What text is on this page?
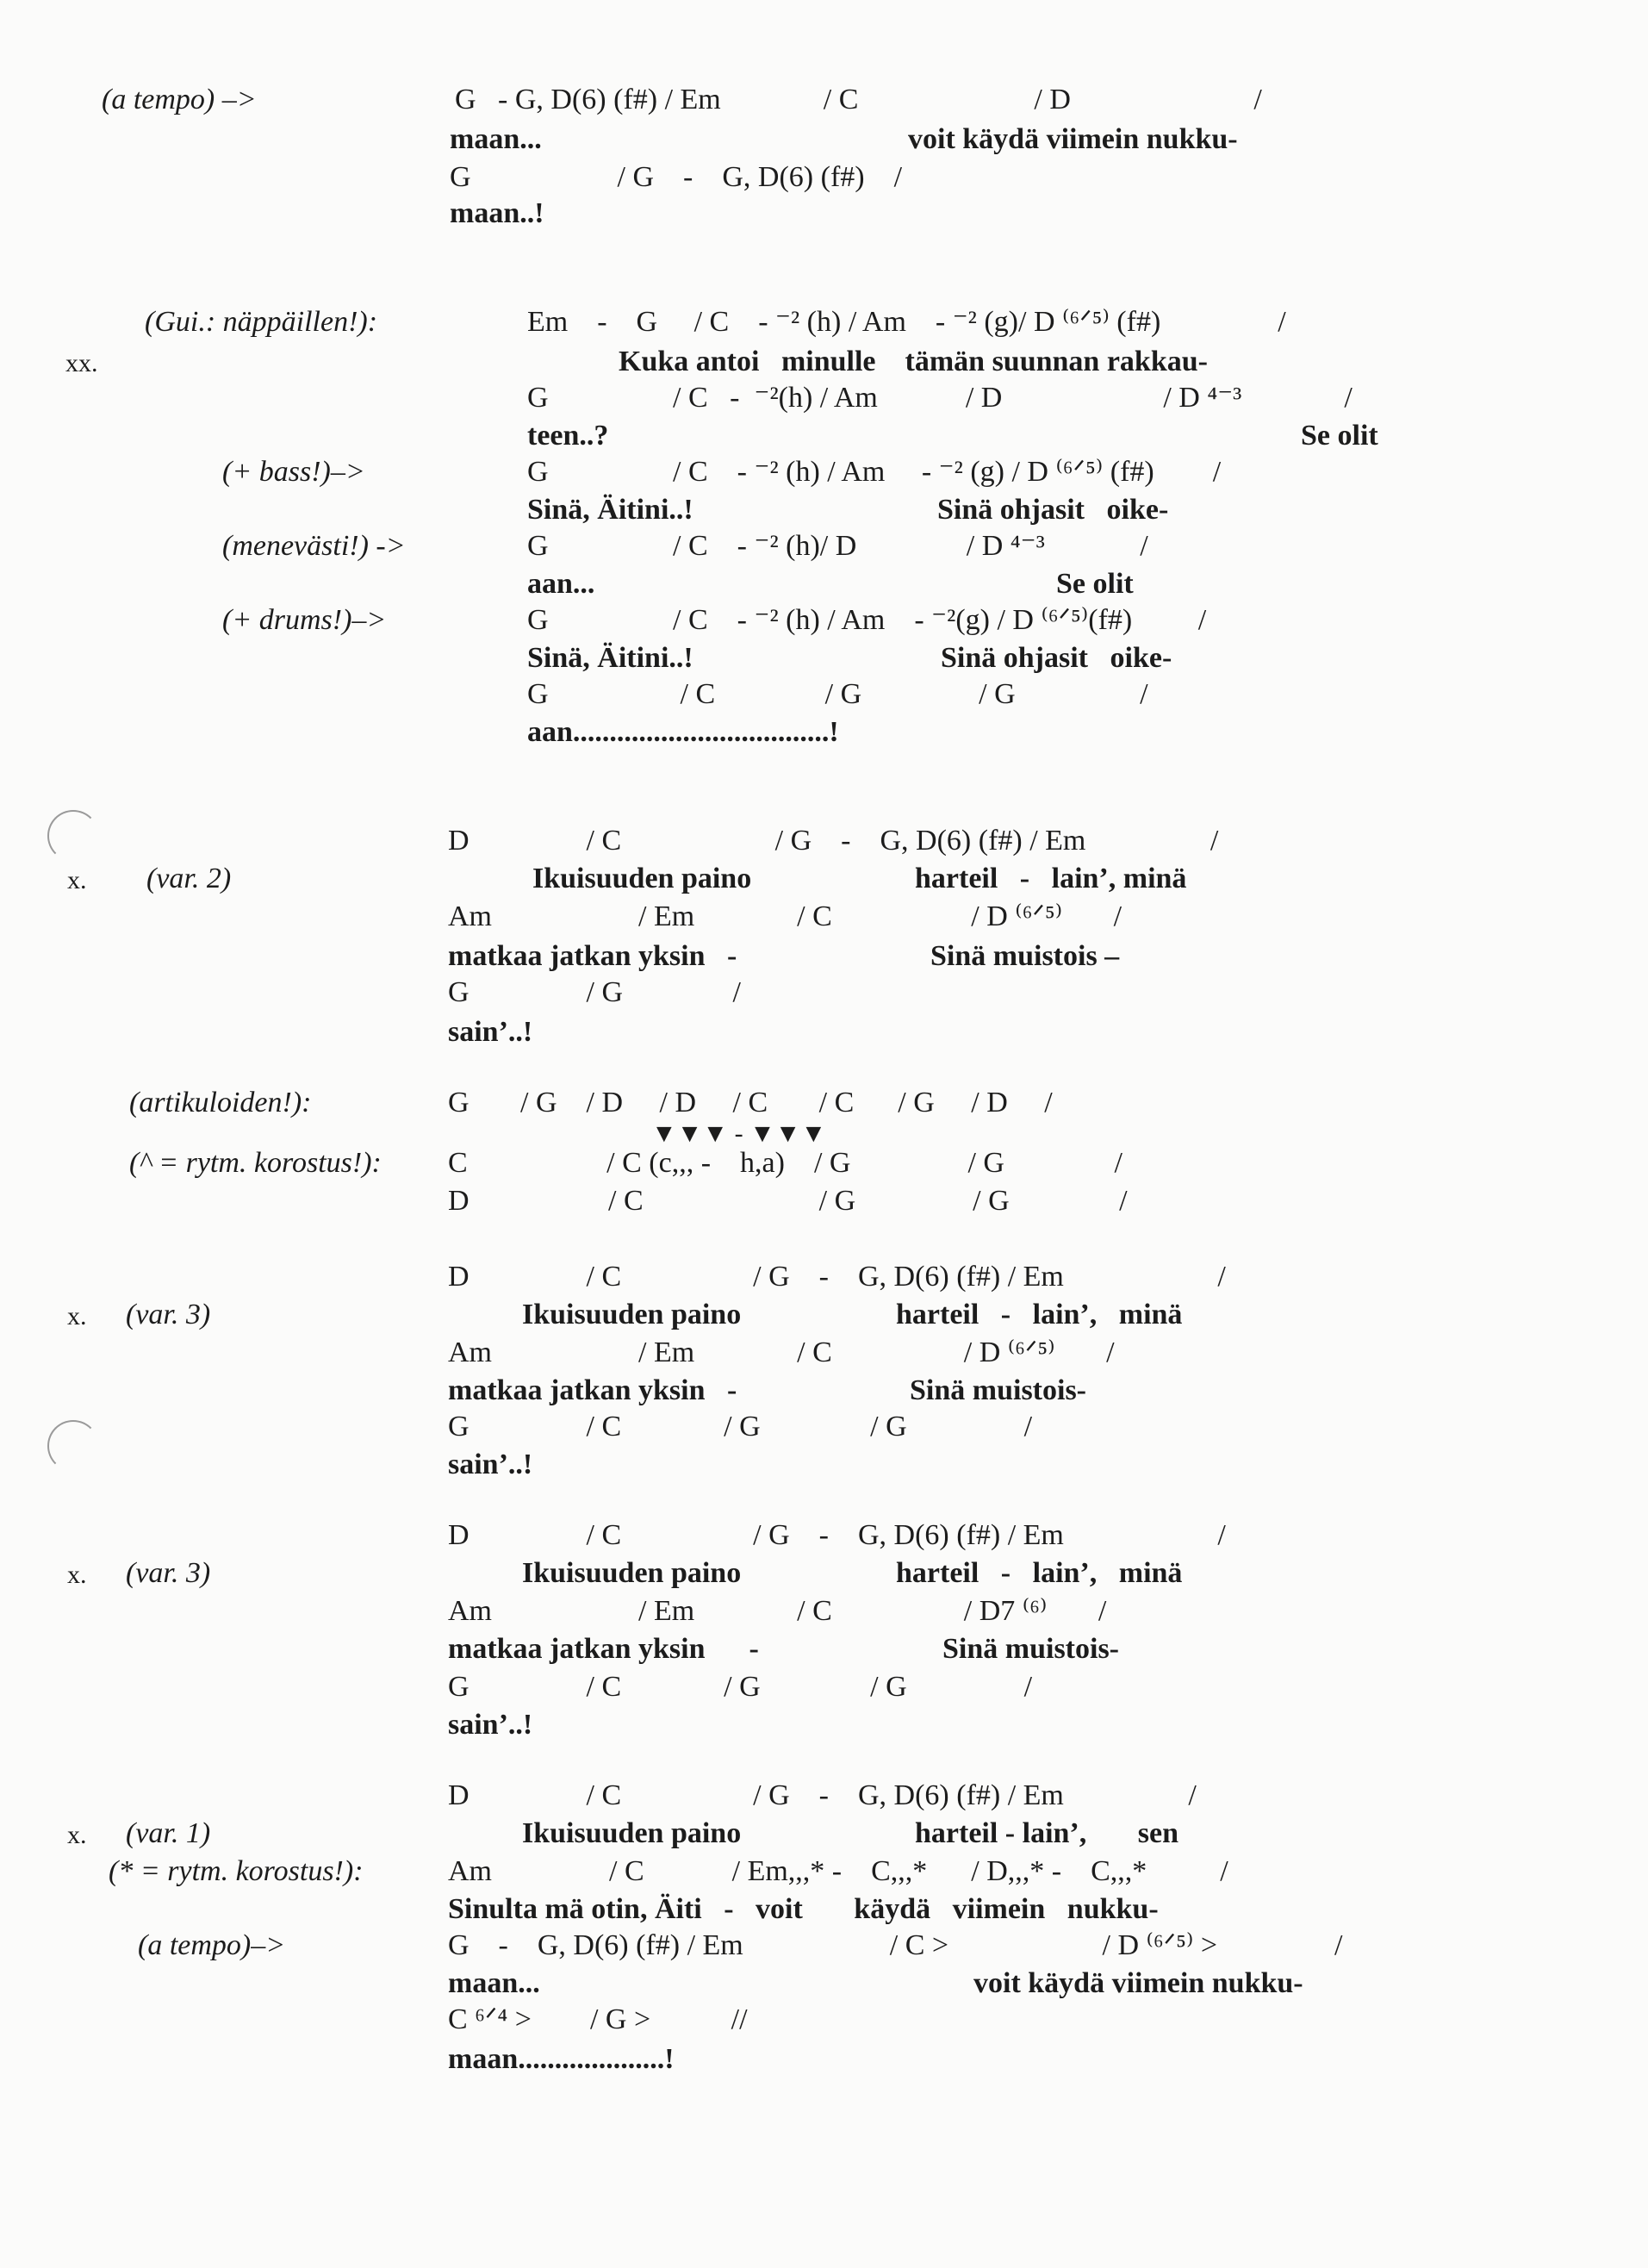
(a tempo) –>	G   - G, D(6) (f#) / Em              / C                        / D                         /
maan...	voit käydä viimein nukku-
G                    / G    -    G, D(6) (f#)    /
maan..!
(Gui.: näppäillen!):
xx.
Em    -    G     / C    - ⁻² (h) / Am    - ⁻² (g)/ D ⁽⁶ᐟ⁵⁾ (f#)                /
Kuka antoi   minulle    tämän suunnan rakkau-
G                 / C   -  ⁻²(h) / Am            / D                      / D ⁴⁻³              /
teen..?	Se olit
(+ bass!)–>	G                 / C    - ⁻² (h) / Am     - ⁻² (g) / D ⁽⁶ᐟ⁵⁾ (f#)        /
Sinä, Äitini..!	Sinä ohjasit   oike-
(menevästi!) ->	G                 / C    - ⁻² (h)/ D               / D ⁴⁻³             /
aan...	Se olit
(+ drums!)–>	G                 / C    - ⁻² (h) / Am    - ⁻²(g) / D ⁽⁶ᐟ⁵⁾(f#)         /
Sinä, Äitini..!	Sinä ohjasit   oike-
G                  / C               / G                / G                 /
aan...................................!
D                / C                     / G    -    G, D(6) (f#) / Em                 /
x. (var. 2)	Ikuisuuden paino	harteil   -   lain’, minä
Am                    / Em              / C                   / D ⁽⁶ᐟ⁵⁾       /
matkaa jatkan yksin   -	Sinä muistois –
G                / G               /
sain’..!
(artikuloiden!):	G       / G    / D     / D     / C       / C      / G     / D     /
▼▼▼ - ▼▼▼
(^ = rytm. korostus!): C                   / C (c,,, -    h,a)    / G                / G               /
D                   / C                        / G                / G               /
D                / C                  / G    -    G, D(6) (f#) / Em                     /
x. (var. 3)	Ikuisuuden paino	harteil   -   lain’,   minä
Am                    / Em              / C                  / D ⁽⁶ᐟ⁵⁾       /
matkaa jatkan yksin   -	Sinä muistois-
G                / C              / G               / G                /
sain’..!
D                / C                  / G    -    G, D(6) (f#) / Em                     /
x. (var. 3)	Ikuisuuden paino	harteil   -   lain’,   minä
Am                    / Em              / C                  / D7 ⁽⁶⁾       /
matkaa jatkan yksin      -	Sinä muistois-
G                / C              / G               / G                /
sain’..!
D                / C                  / G    -    G, D(6) (f#) / Em                 /
x. (var. 1)
(* = rytm. korostus!):
Ikuisuuden paino	harteil - lain’,       sen
Am                / C            / Em,,,* -    C,,,*      / D,,,* -    C,,,*          /
Sinulta mä otin, Äiti   -   voit       käydä   viimein   nukku-
(a tempo)–>	G    -    G, D(6) (f#) / Em                    / C >                     / D ⁽⁶ᐟ⁵⁾ >                /
maan...	voit käydä viimein nukku-
C ⁶ᐟ⁴ >        / G >           //
maan....................!
